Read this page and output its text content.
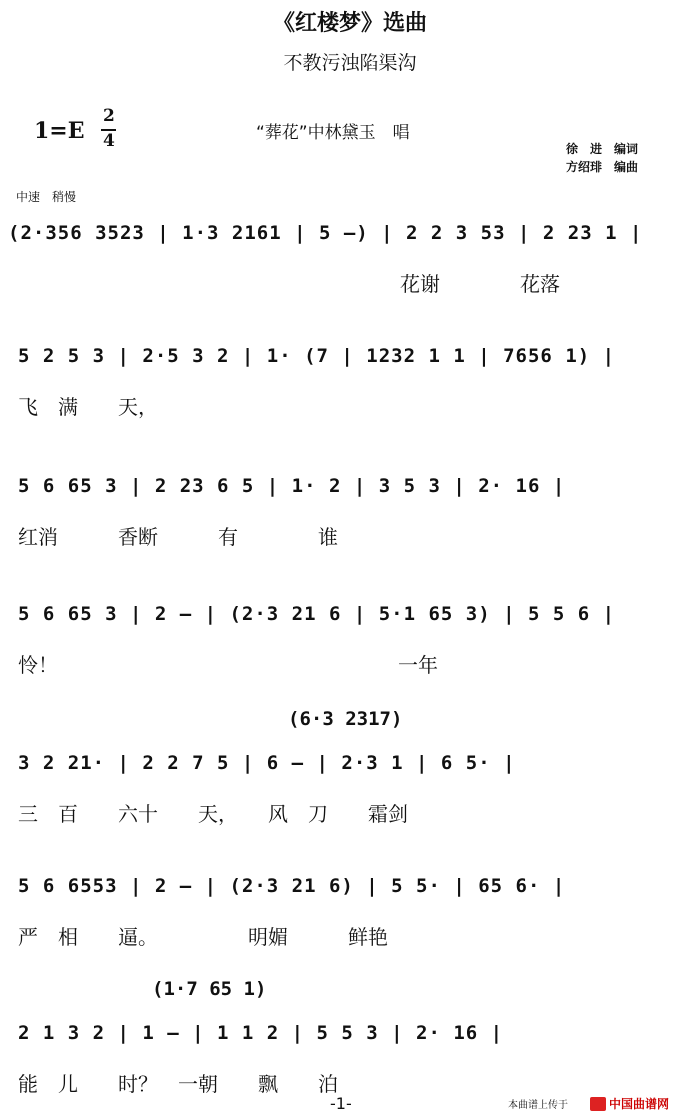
《红楼梦》选曲
不教污浊陷渠沟
1=E
2
4	“葬花”中林黛玉　唱
徐　进　编词
方绍琲　编曲
中速　稍慢
(2·356 3523 | 1·3 2161 | 5 —) | 2 2 3 53 | 2 23 1 |
花谢　　　　花落
5 2 5 3 | 2·5 3 2 | 1· (7 | 1232 1 1 | 7656 1) |
飞　满　　天，
5 6 65 3 | 2 23 6 5 | 1· 2 | 3 5 3 | 2· 16 |
红消　　　香断　　　有　　　　谁
5 6 65 3 | 2 — | (2·3 21 6 | 5·1 65 3) | 5 5 6 |
怜！　　　　　　　　　　　　　　　　　一年
(6·3 2317)
3 2 21· | 2 2 7 5 | 6 — | 2·3 1 | 6 5· |
三　百　　六十　　天，　　风　刀　　霜剑
5 6 6553 | 2 — | (2·3 21 6) | 5 5· | 65 6· |
严　相　　逼。　　　　　明媚　　　鲜艳
(1·7 65 1)
2 1 3 2 | 1 — | 1 1 2 | 5 5 3 | 2· 16 |
能　儿　　时？　一朝　　飘　　泊
-1-	本曲谱上传于	中国曲谱网
